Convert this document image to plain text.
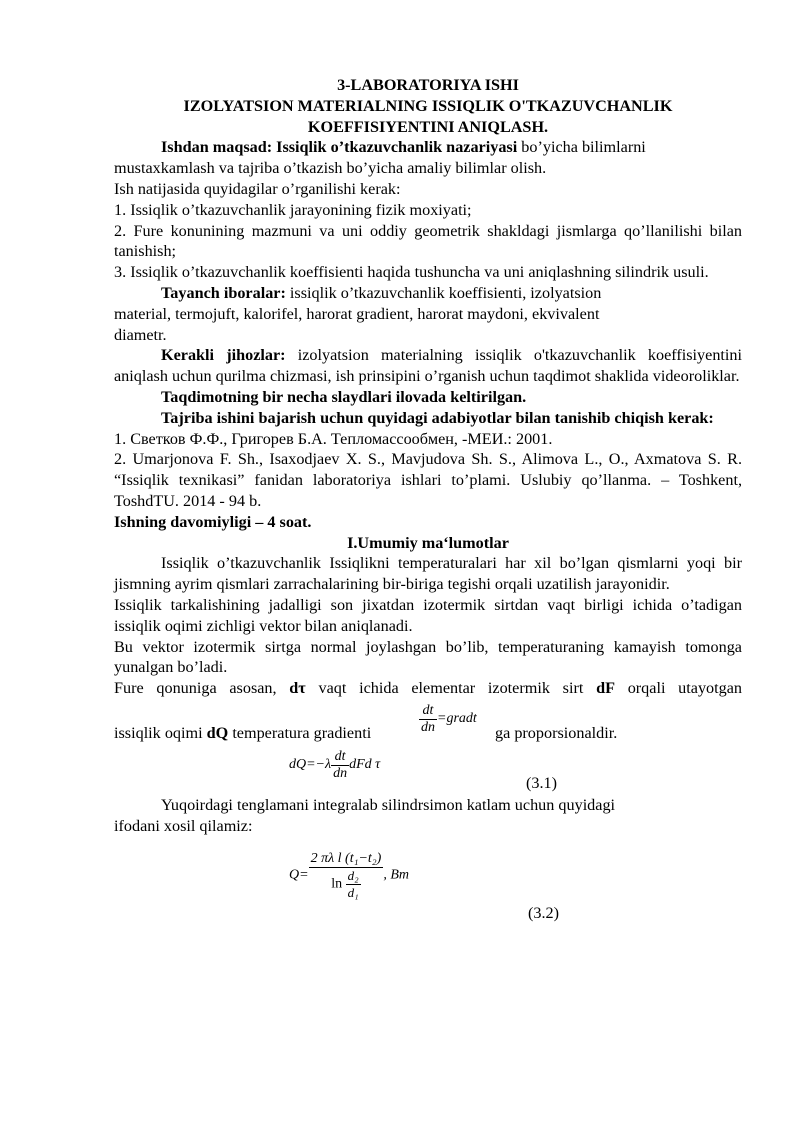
3-LABORATORIYA ISHI
IZOLYATSION MATERIALNING ISSIQLIK O'TKAZUVCHANLIK
KOEFFISIYENTINI ANIQLASH.

Ishdan maqsad: Issiqlik o’tkazuvchanlik nazariyasi bo’yicha bilimlarni

mustaxkamlash va tajriba o’tkazish bo’yicha amaliy bilimlar olish.

Ish natijasida quyidagilar o’rganilishi kerak:

1. Issiqlik o’tkazuvchanlik jarayonining fizik moxiyati;

2. Fure konunining mazmuni va uni oddiy geometrik shakldagi jismlarga qo’llanilishi bilan tanishish;

3. Issiqlik o’tkazuvchanlik koeffisienti haqida tushuncha va uni aniqlashning silindrik usuli.

Tayanch iboralar: issiqlik o’tkazuvchanlik koeffisienti, izolyatsion

material, termojuft, kalorifel, harorat gradient, harorat maydoni, ekvivalent

diametr.

Kerakli jihozlar: izolyatsion materialning issiqlik o'tkazuvchanlik koeffisiyentini aniqlash uchun qurilma chizmasi, ish prinsipini o’rganish uchun taqdimot shaklida videoroliklar.

Taqdimotning bir necha slaydlari ilovada keltirilgan.

Tajriba ishini bajarish uchun quyidagi adabiyotlar bilan tanishib chiqish kerak:

1. Светков Ф.Ф., Григорев Б.А. Тепломассообмен, -МЕИ.: 2001.

2. Umarjonova F. Sh., Isaxodjaev X. S., Mavjudova Sh. S., Alimova L., O., Axmatova S. R. “Issiqlik texnikasi” fanidan laboratoriya ishlari to’plami. Uslubiy qo’llanma. – Toshkent, ToshdTU. 2014 - 94 b.

Ishning davomiyligi – 4 soat.

I.Umumiy ma‘lumotlar

Issiqlik o’tkazuvchanlik Issiqlikni temperaturalari har xil bo’lgan qismlarni yoqi bir jismning ayrim qismlari zarrachalarining bir-biriga tegishi orqali uzatilish jarayonidir.

Issiqlik tarkalishining jadalligi son jixatdan izotermik sirtdan vaqt birligi ichida o’tadigan issiqlik oqimi zichligi vektor bilan aniqlanadi.

Bu vektor izotermik sirtga normal joylashgan bo’lib, temperaturaning kamayish tomonga yunalgan bo’ladi.

Fure qonuniga asosan, dτ vaqt ichida elementar izotermik sirt dF orqali utayotgan

issiqlik oqimi dQ temperatura gradienti	$\frac{dt}{dn}$ =gradt
ga proporsionaldir.
$dQ=-\lambda \frac{dt}{dn}$ dFd τ
(3.1)

Yuqoirdagi tenglamani integralab silindrsimon katlam uchun quyidagi

ifodani xosil qilamiz:

$Q= \frac{\text{2 πλ l (t₁−t₂)}}{\ln \frac{\text{d₂}}{\text{d₁}}}$ , Bm
(3.2)
